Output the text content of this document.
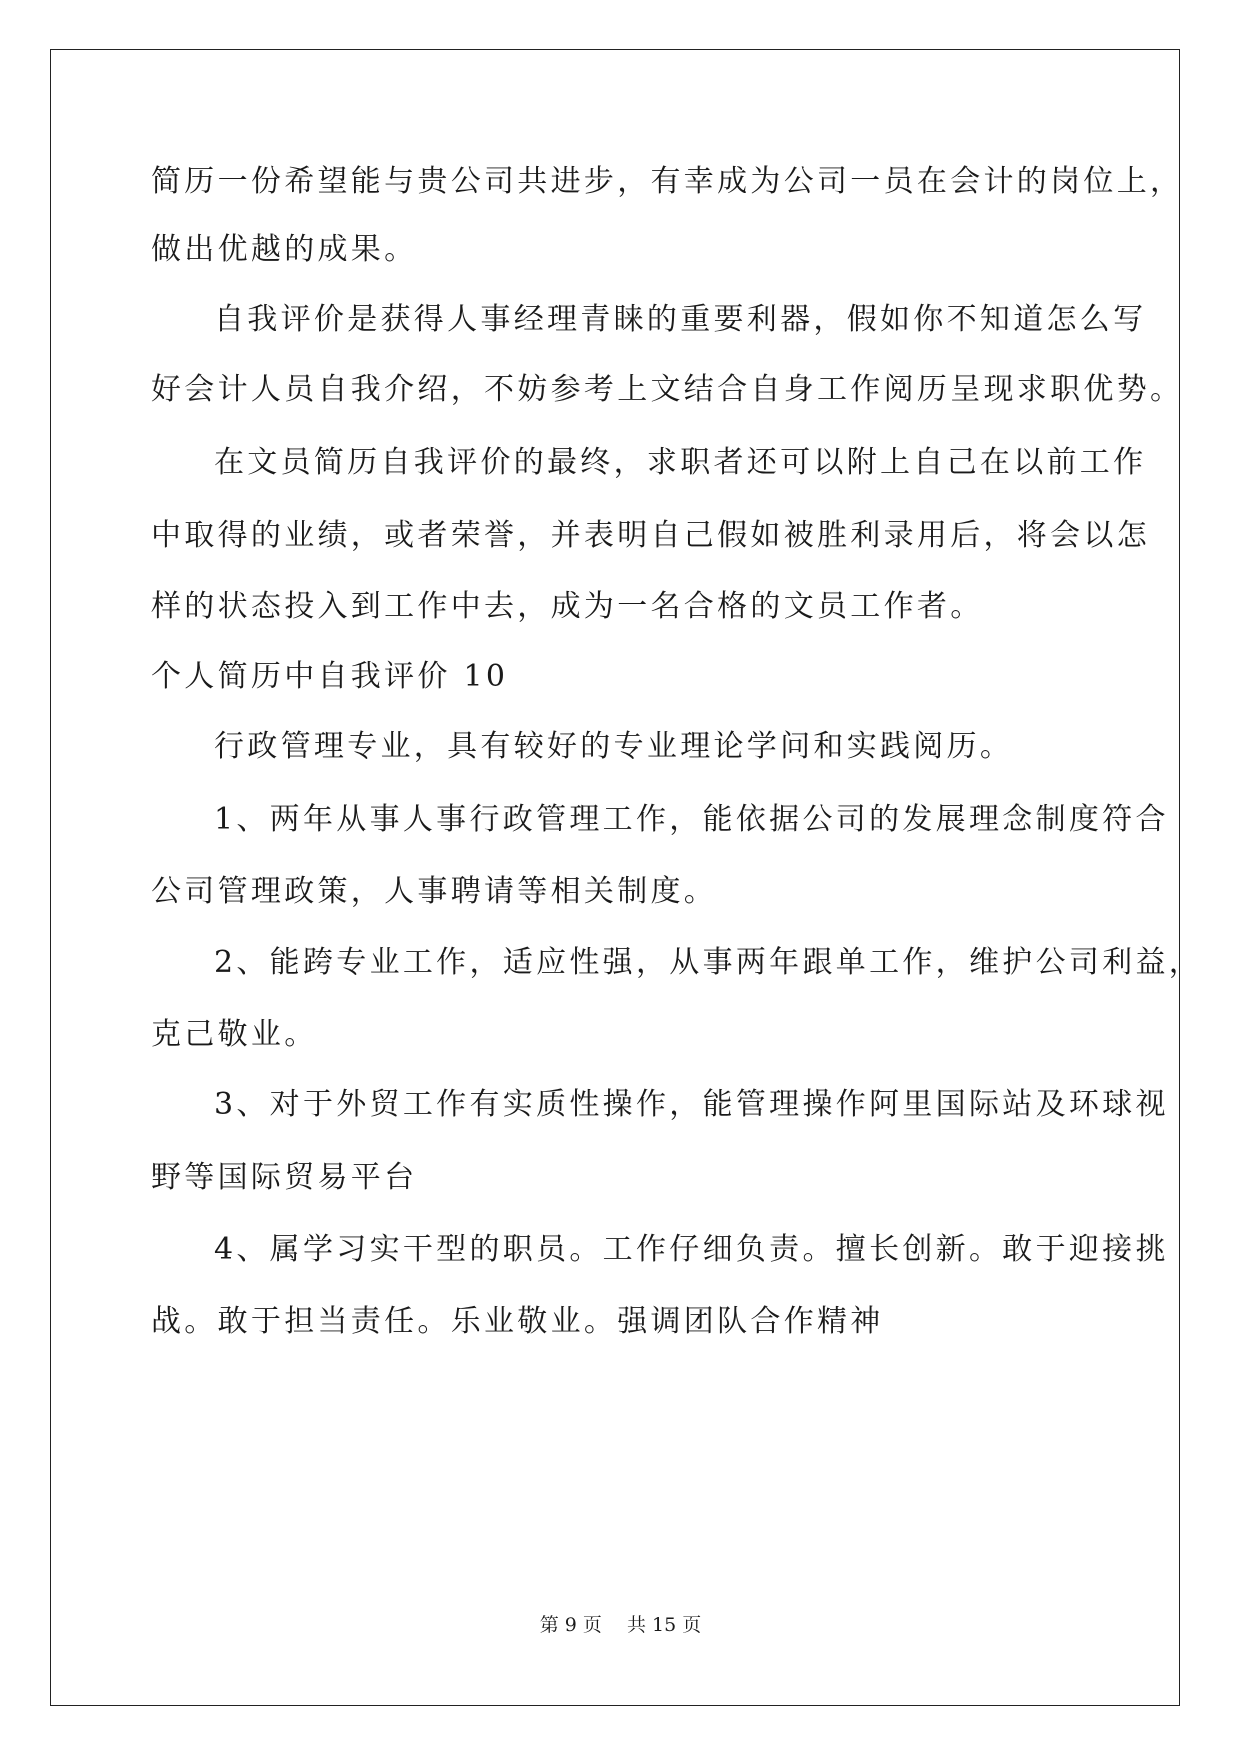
简历一份希望能与贵公司共进步，有幸成为公司一员在会计的岗位上，
做出优越的成果。
自我评价是获得人事经理青睐的重要利器，假如你不知道怎么写
好会计人员自我介绍，不妨参考上文结合自身工作阅历呈现求职优势。
在文员简历自我评价的最终，求职者还可以附上自己在以前工作
中取得的业绩，或者荣誉，并表明自己假如被胜利录用后，将会以怎
样的状态投入到工作中去，成为一名合格的文员工作者。
个人简历中自我评价 10
行政管理专业，具有较好的专业理论学问和实践阅历。
1、两年从事人事行政管理工作，能依据公司的发展理念制度符合
公司管理政策，人事聘请等相关制度。
2、能跨专业工作，适应性强，从事两年跟单工作，维护公司利益，
克己敬业。
3、对于外贸工作有实质性操作，能管理操作阿里国际站及环球视
野等国际贸易平台
4、属学习实干型的职员。工作仔细负责。擅长创新。敢于迎接挑
战。敢于担当责任。乐业敬业。强调团队合作精神
第 9 页　 共 15 页
